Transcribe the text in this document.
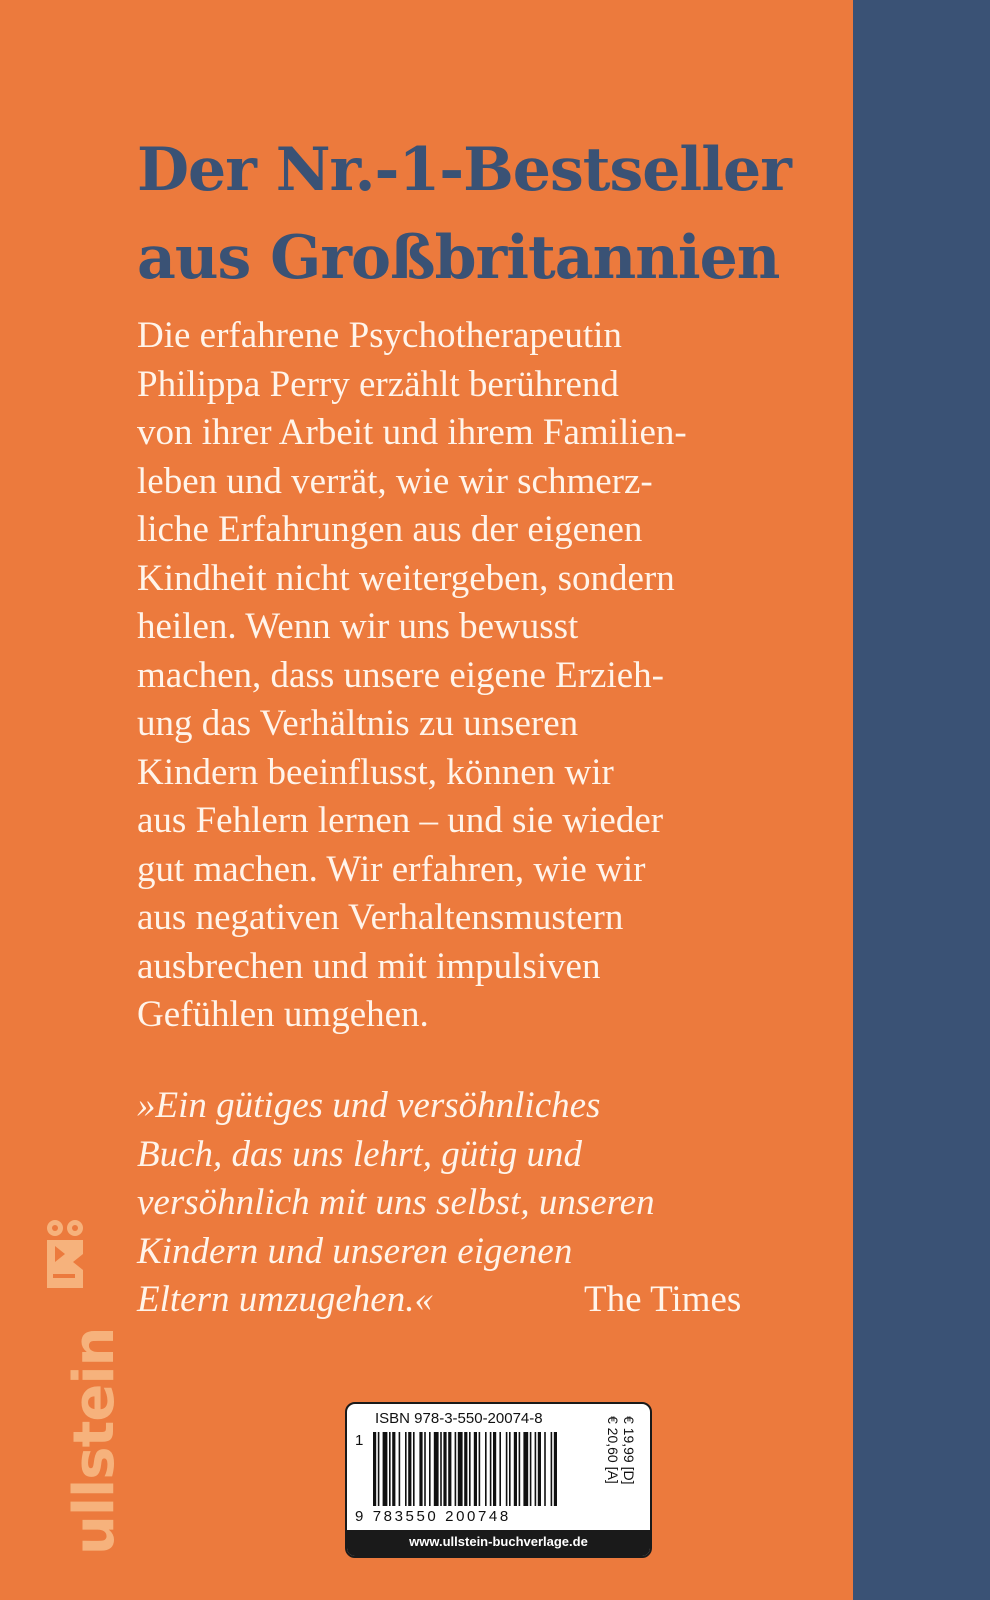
Der Nr.-1-Bestseller
aus Großbritannien

Die erfahrene Psychotherapeutin
Philippa Perry erzählt berührend
von ihrer Arbeit und ihrem Familien-
leben und verrät, wie wir schmerz-
liche Erfahrungen aus der eigenen
Kindheit nicht weitergeben, sondern
heilen. Wenn wir uns bewusst
machen, dass unsere eigene Erzieh-
ung das Verhältnis zu unseren
Kindern beeinflusst, können wir
aus Fehlern lernen – und sie wieder
gut machen. Wir erfahren, wie wir
aus negativen Verhaltensmustern
ausbrechen und mit impulsiven
Gefühlen umgehen.

»Ein gütiges und versöhnliches
Buch, das uns lehrt, gütig und
versöhnlich mit uns selbst, unseren
Kindern und unseren eigenen
Eltern umzugehen.«	The Times

ullstein	ISBN 978-3-550-20074-8
1
9 783550 200748
€ 19,99 [D]
€ 20,60 [A]
www.ullstein-buchverlage.de
